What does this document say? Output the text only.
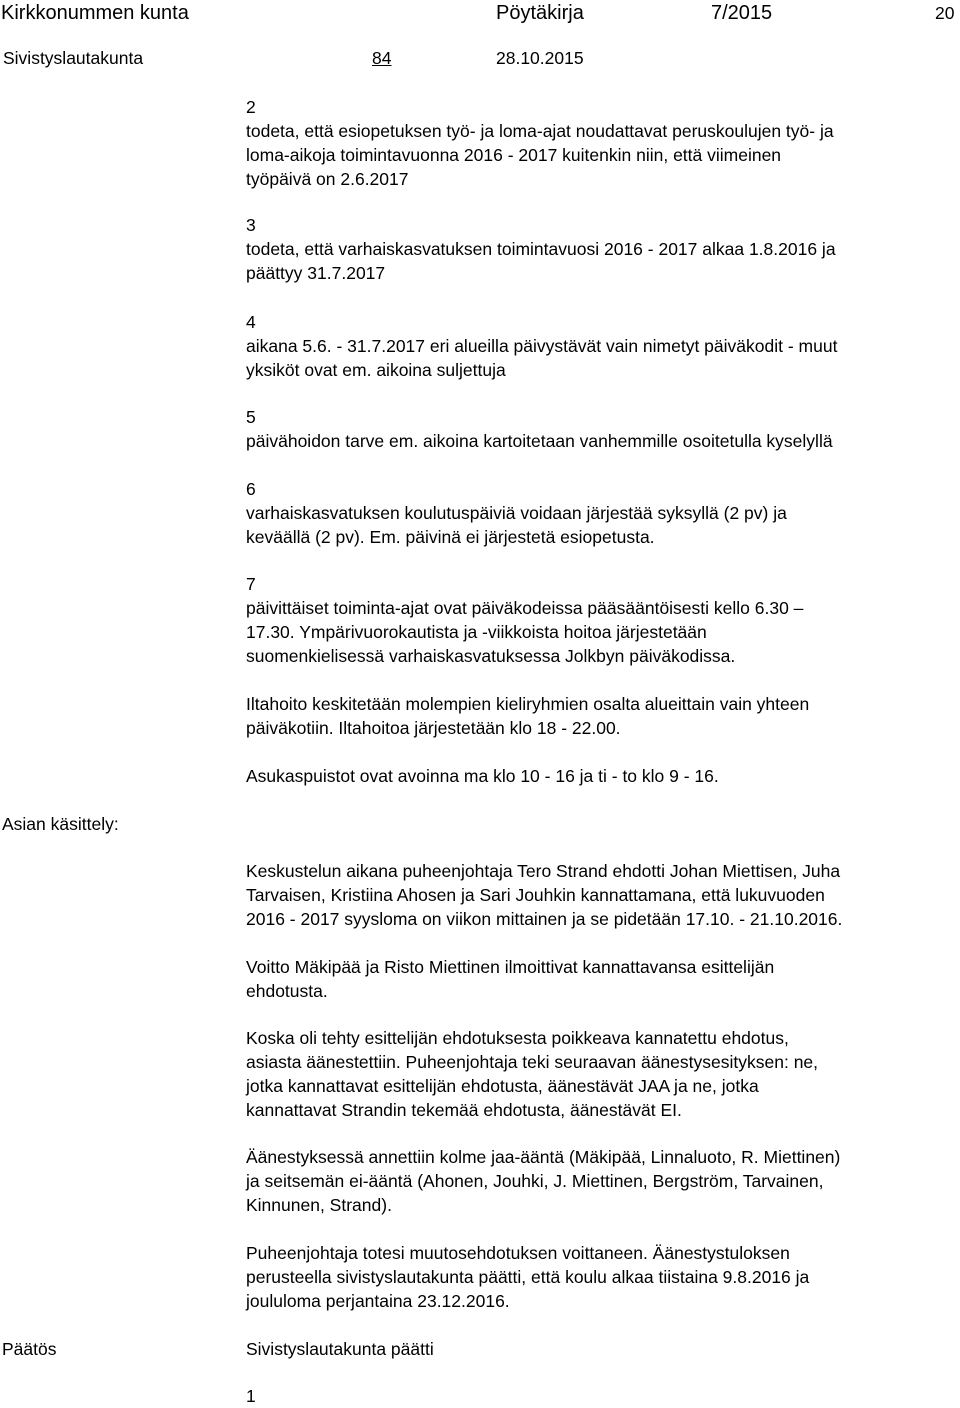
Kirkkonummen kunta	Pöytäkirja	7/2015	20
Sivistyslautakunta	84	28.10.2015
2
todeta, että esiopetuksen työ- ja loma-ajat noudattavat peruskoulujen työ- ja
loma-aikoja toimintavuonna 2016 - 2017 kuitenkin niin, että viimeinen
työpäivä on 2.6.2017
3
todeta, että varhaiskasvatuksen toimintavuosi 2016 - 2017 alkaa 1.8.2016 ja
päättyy 31.7.2017
4
aikana 5.6. - 31.7.2017 eri alueilla päivystävät vain nimetyt päiväkodit - muut
yksiköt ovat em. aikoina suljettuja
5
päivähoidon tarve em. aikoina kartoitetaan vanhemmille osoitetulla kyselyllä
6
varhaiskasvatuksen koulutuspäiviä voidaan järjestää syksyllä (2 pv) ja
keväällä (2 pv). Em. päivinä ei järjestetä esiopetusta.
7
päivittäiset toiminta-ajat ovat päiväkodeissa pääsääntöisesti kello 6.30 –
17.30. Ympärivuorokautista ja -viikkoista hoitoa järjestetään
suomenkielisessä varhaiskasvatuksessa Jolkbyn päiväkodissa.
Iltahoito keskitetään molempien kieliryhmien osalta alueittain vain yhteen
päiväkotiin. Iltahoitoa järjestetään klo 18 - 22.00.
Asukaspuistot ovat avoinna ma klo 10 - 16 ja ti - to klo 9 - 16.
Asian käsittely:
Keskustelun aikana puheenjohtaja Tero Strand ehdotti Johan Miettisen, Juha
Tarvaisen, Kristiina Ahosen ja Sari Jouhkin kannattamana, että lukuvuoden
2016 - 2017 syysloma on viikon mittainen ja se pidetään 17.10. - 21.10.2016.
Voitto Mäkipää ja Risto Miettinen ilmoittivat kannattavansa esittelijän
ehdotusta.
Koska oli tehty esittelijän ehdotuksesta poikkeava kannatettu ehdotus,
asiasta äänestettiin. Puheenjohtaja teki seuraavan äänestysesityksen: ne,
jotka kannattavat esittelijän ehdotusta, äänestävät JAA ja ne, jotka
kannattavat Strandin tekemää ehdotusta, äänestävät EI.
Äänestyksessä annettiin kolme jaa-ääntä (Mäkipää, Linnaluoto, R. Miettinen)
ja seitsemän ei-ääntä (Ahonen, Jouhki, J. Miettinen, Bergström, Tarvainen,
Kinnunen, Strand).
Puheenjohtaja totesi muutosehdotuksen voittaneen. Äänestystuloksen
perusteella sivistyslautakunta päätti, että koulu alkaa tiistaina 9.8.2016 ja
joululoma perjantaina 23.12.2016.
Päätös	Sivistyslautakunta päätti
1
